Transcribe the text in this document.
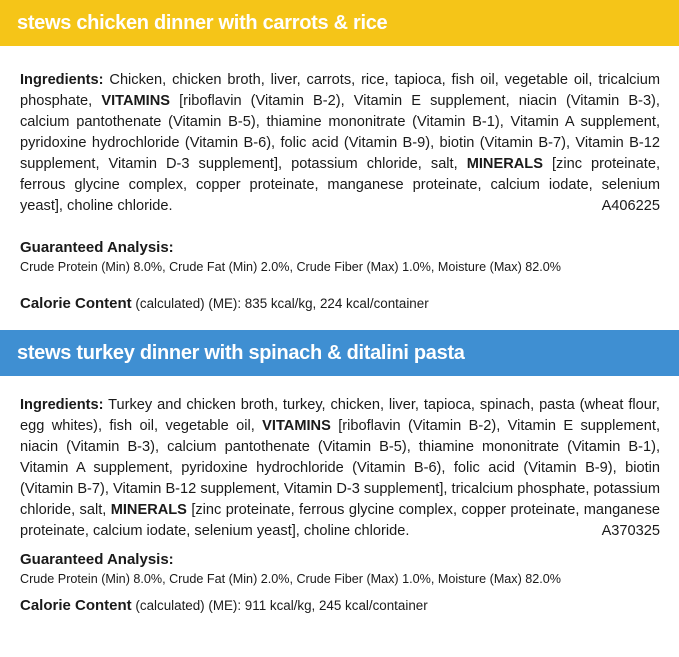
stews chicken dinner with carrots & rice

Ingredients: Chicken, chicken broth, liver, carrots, rice, tapioca, fish oil, vegetable oil, tricalcium phosphate, VITAMINS [riboflavin (Vitamin B-2), Vitamin E supplement, niacin (Vitamin B-3), calcium pantothenate (Vitamin B-5), thiamine mononitrate (Vitamin B-1), Vitamin A supplement, pyridoxine hydrochloride (Vitamin B-6), folic acid (Vitamin B-9), biotin (Vitamin B-7), Vitamin B-12 supplement, Vitamin D-3 supplement], potassium chloride, salt, MINERALS [zinc proteinate, ferrous glycine complex, copper proteinate, manganese proteinate, calcium iodate, selenium yeast], choline chloride.	A406225

Guaranteed Analysis:

Crude Protein (Min) 8.0%, Crude Fat (Min) 2.0%, Crude Fiber (Max) 1.0%, Moisture (Max) 82.0%

Calorie Content (calculated) (ME): 835 kcal/kg, 224 kcal/container

stews turkey dinner with spinach & ditalini pasta

Ingredients: Turkey and chicken broth, turkey, chicken, liver, tapioca, spinach, pasta (wheat flour, egg whites), fish oil, vegetable oil, VITAMINS [riboflavin (Vitamin B-2), Vitamin E supplement, niacin (Vitamin B-3), calcium pantothenate (Vitamin B-5), thiamine mononitrate (Vitamin B-1), Vitamin A supplement, pyridoxine hydrochloride (Vitamin B-6), folic acid (Vitamin B-9), biotin (Vitamin B-7), Vitamin B-12 supplement, Vitamin D-3 supplement], tricalcium phosphate, potassium chloride, salt, MINERALS [zinc proteinate, ferrous glycine complex, copper proteinate, manganese proteinate, calcium iodate, selenium yeast], choline chloride.	A370325

Guaranteed Analysis:

Crude Protein (Min) 8.0%, Crude Fat (Min) 2.0%, Crude Fiber (Max) 1.0%, Moisture (Max) 82.0%

Calorie Content (calculated) (ME): 911 kcal/kg, 245 kcal/container
